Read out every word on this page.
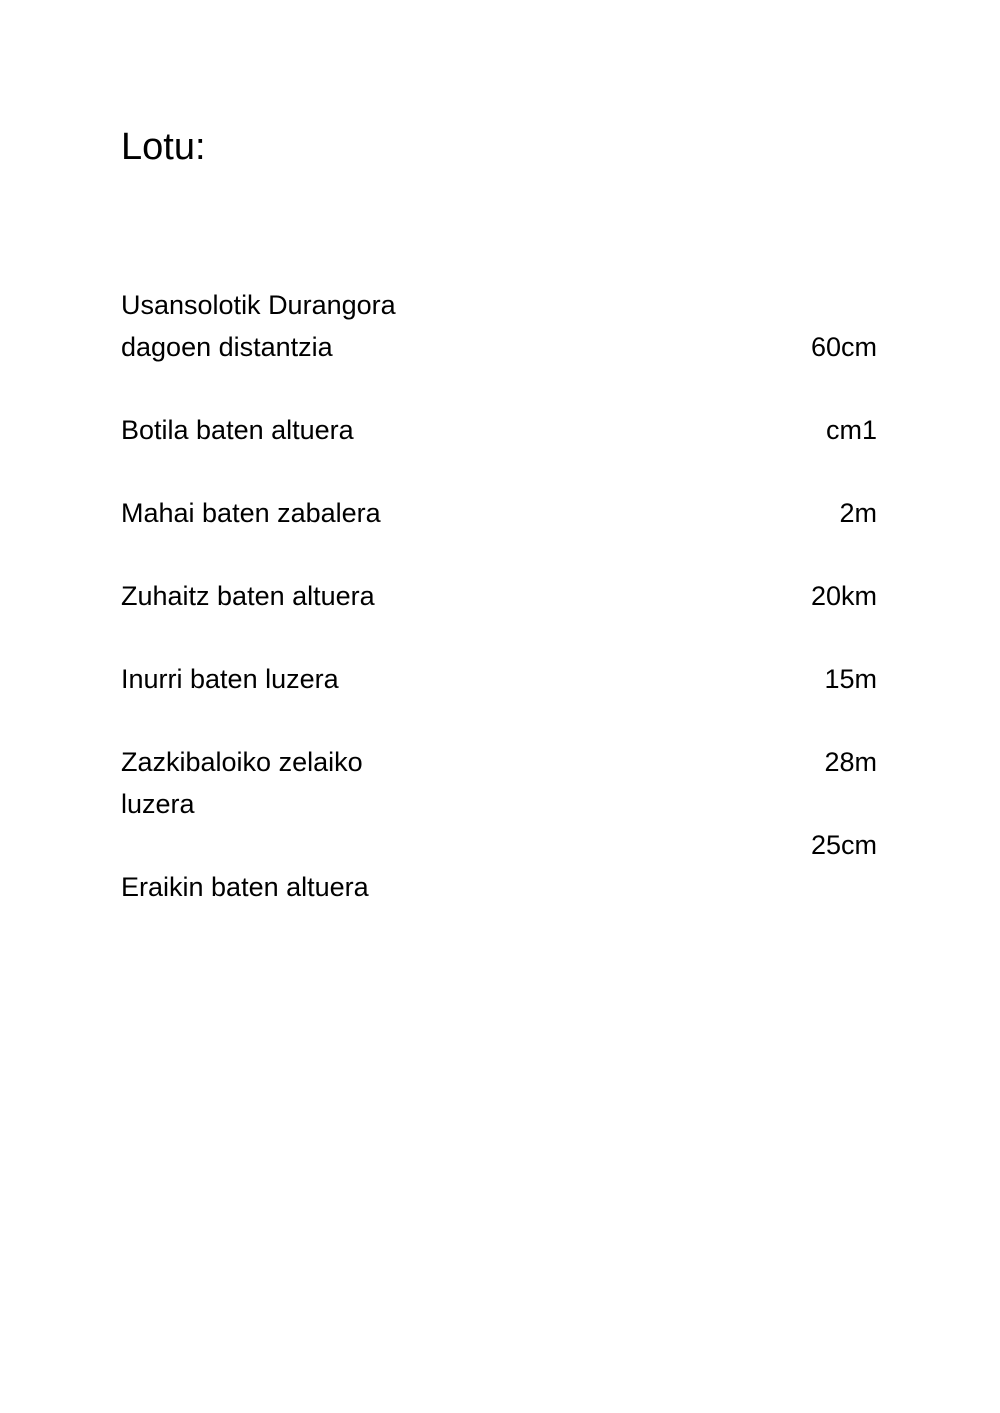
Lotu:
Usansolotik Durangora
dagoen distantzia
Botila baten altuera
Mahai baten zabalera
Zuhaitz baten altuera
Inurri baten luzera
Zazkibaloiko zelaiko
luzera
Eraikin baten altuera
60cm
cm1
2m
20km
15m
28m
25cm
